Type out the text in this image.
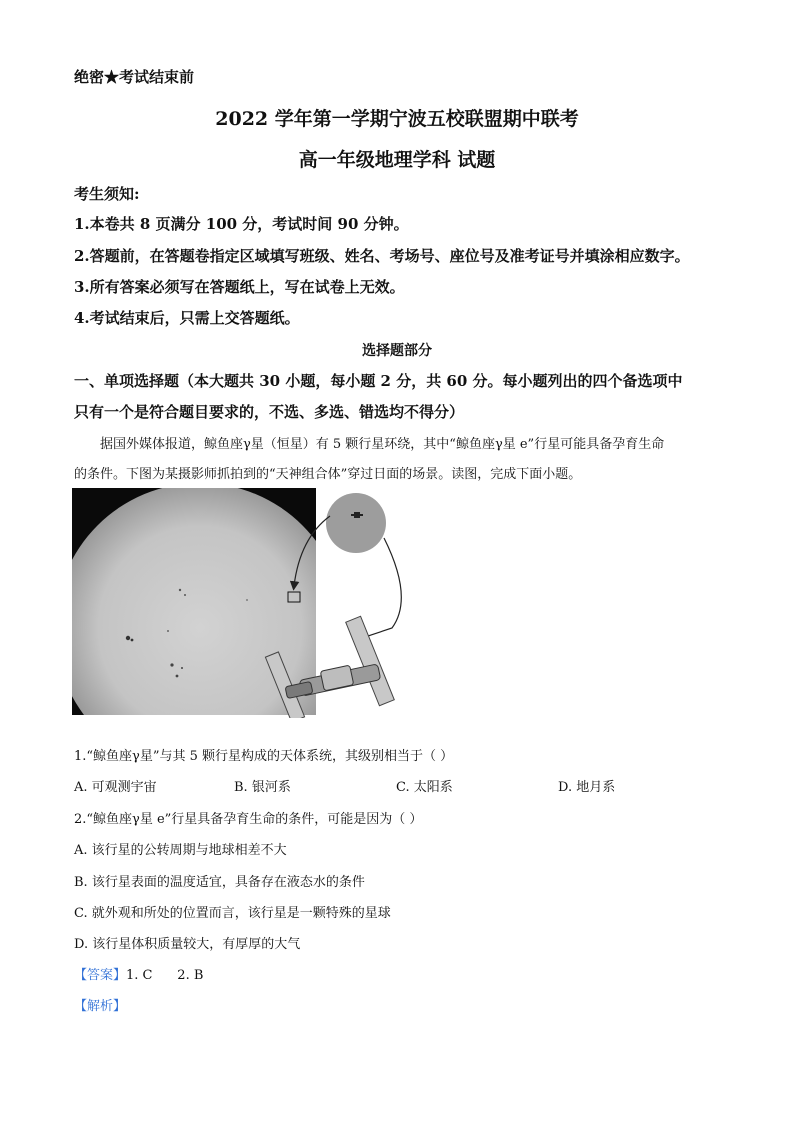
绝密★考试结束前
2022 学年第一学期宁波五校联盟期中联考
高一年级地理学科 试题
考生须知:
1.本卷共 8 页满分 100 分，考试时间 90 分钟。
2.答题前，在答题卷指定区域填写班级、姓名、考场号、座位号及准考证号并填涂相应数字。
3.所有答案必须写在答题纸上，写在试卷上无效。
4.考试结束后，只需上交答题纸。
选择题部分
一、单项选择题（本大题共 30 小题，每小题 2 分，共 60 分。每小题列出的四个备选项中
只有一个是符合题目要求的，不选、多选、错选均不得分）
据国外媒体报道，鲸鱼座γ星（恒星）有 5 颗行星环绕，其中“鲸鱼座γ星 e”行星可能具备孕育生命
的条件。下图为某摄影师抓拍到的“天神组合体”穿过日面的场景。读图，完成下面小题。
1.“鲸鱼座γ星”与其 5 颗行星构成的天体系统，其级别相当于（ ）
A. 可观测宇宙	B. 银河系	C. 太阳系	D. 地月系
2.“鲸鱼座γ星 e”行星具备孕育生命的条件，可能是因为（ ）
A. 该行星的公转周期与地球相差不大
B. 该行星表面的温度适宜，具备存在液态水的条件
C. 就外观和所处的位置而言，该行星是一颗特殊的星球
D. 该行星体积质量较大，有厚厚的大气
【答案】1. C      2. B
【解析】
